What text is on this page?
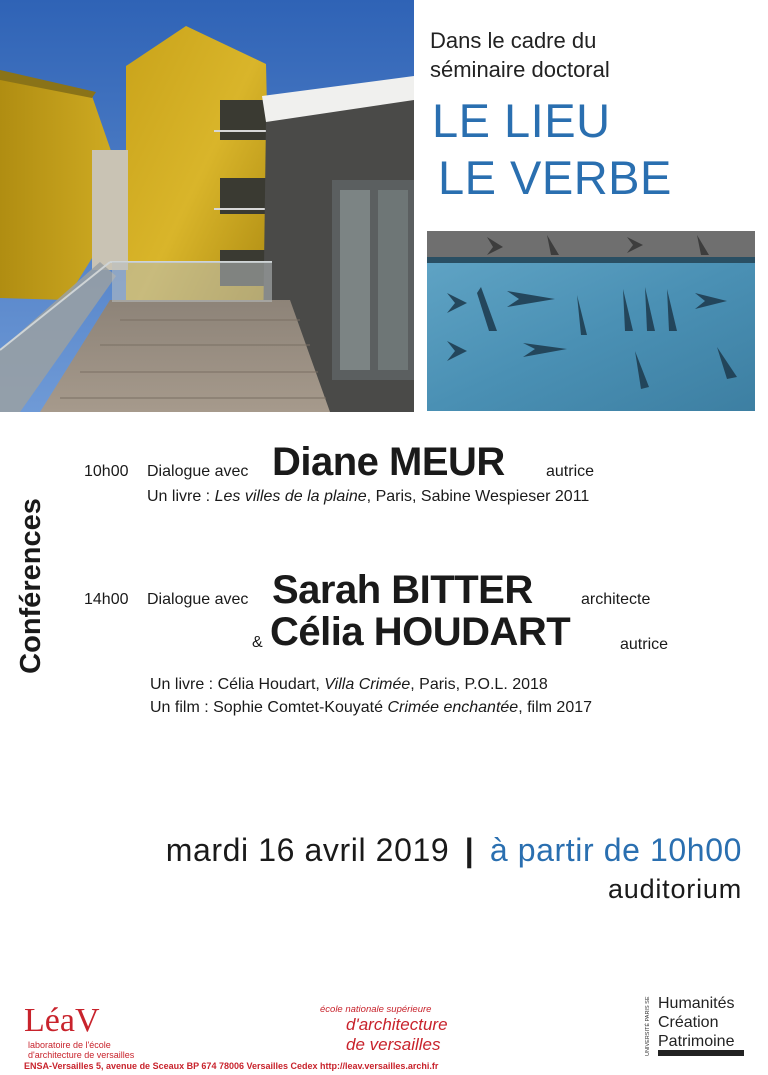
Dans le cadre du
séminaire doctoral
LE LIEU
LE VERBE
Conférences
10h00 Dialogue avec Diane MEUR	autrice
Un livre : Les villes de la plaine, Paris, Sabine Wespieser 2011
14h00 Dialogue avec Sarah BITTER	architecte
& Célia HOUDART	autrice
Un livre : Célia Houdart, Villa Crimée, Paris, P.O.L. 2018
Un film : Sophie Comtet-Kouyaté Crimée enchantée, film 2017
mardi 16 avril 2019 | à partir de 10h00
auditorium
LéaV
laboratoire de l'école
d'architecture de versailles
école nationale supérieure
d'architecture
de versailles
ENSA-Versailles 5, avenue de Sceaux BP 674 78006 Versailles Cedex http://leav.versailles.archi.fr
UNIVERSITÉ PARIS SEINE Humanités
Création
Patrimoine
